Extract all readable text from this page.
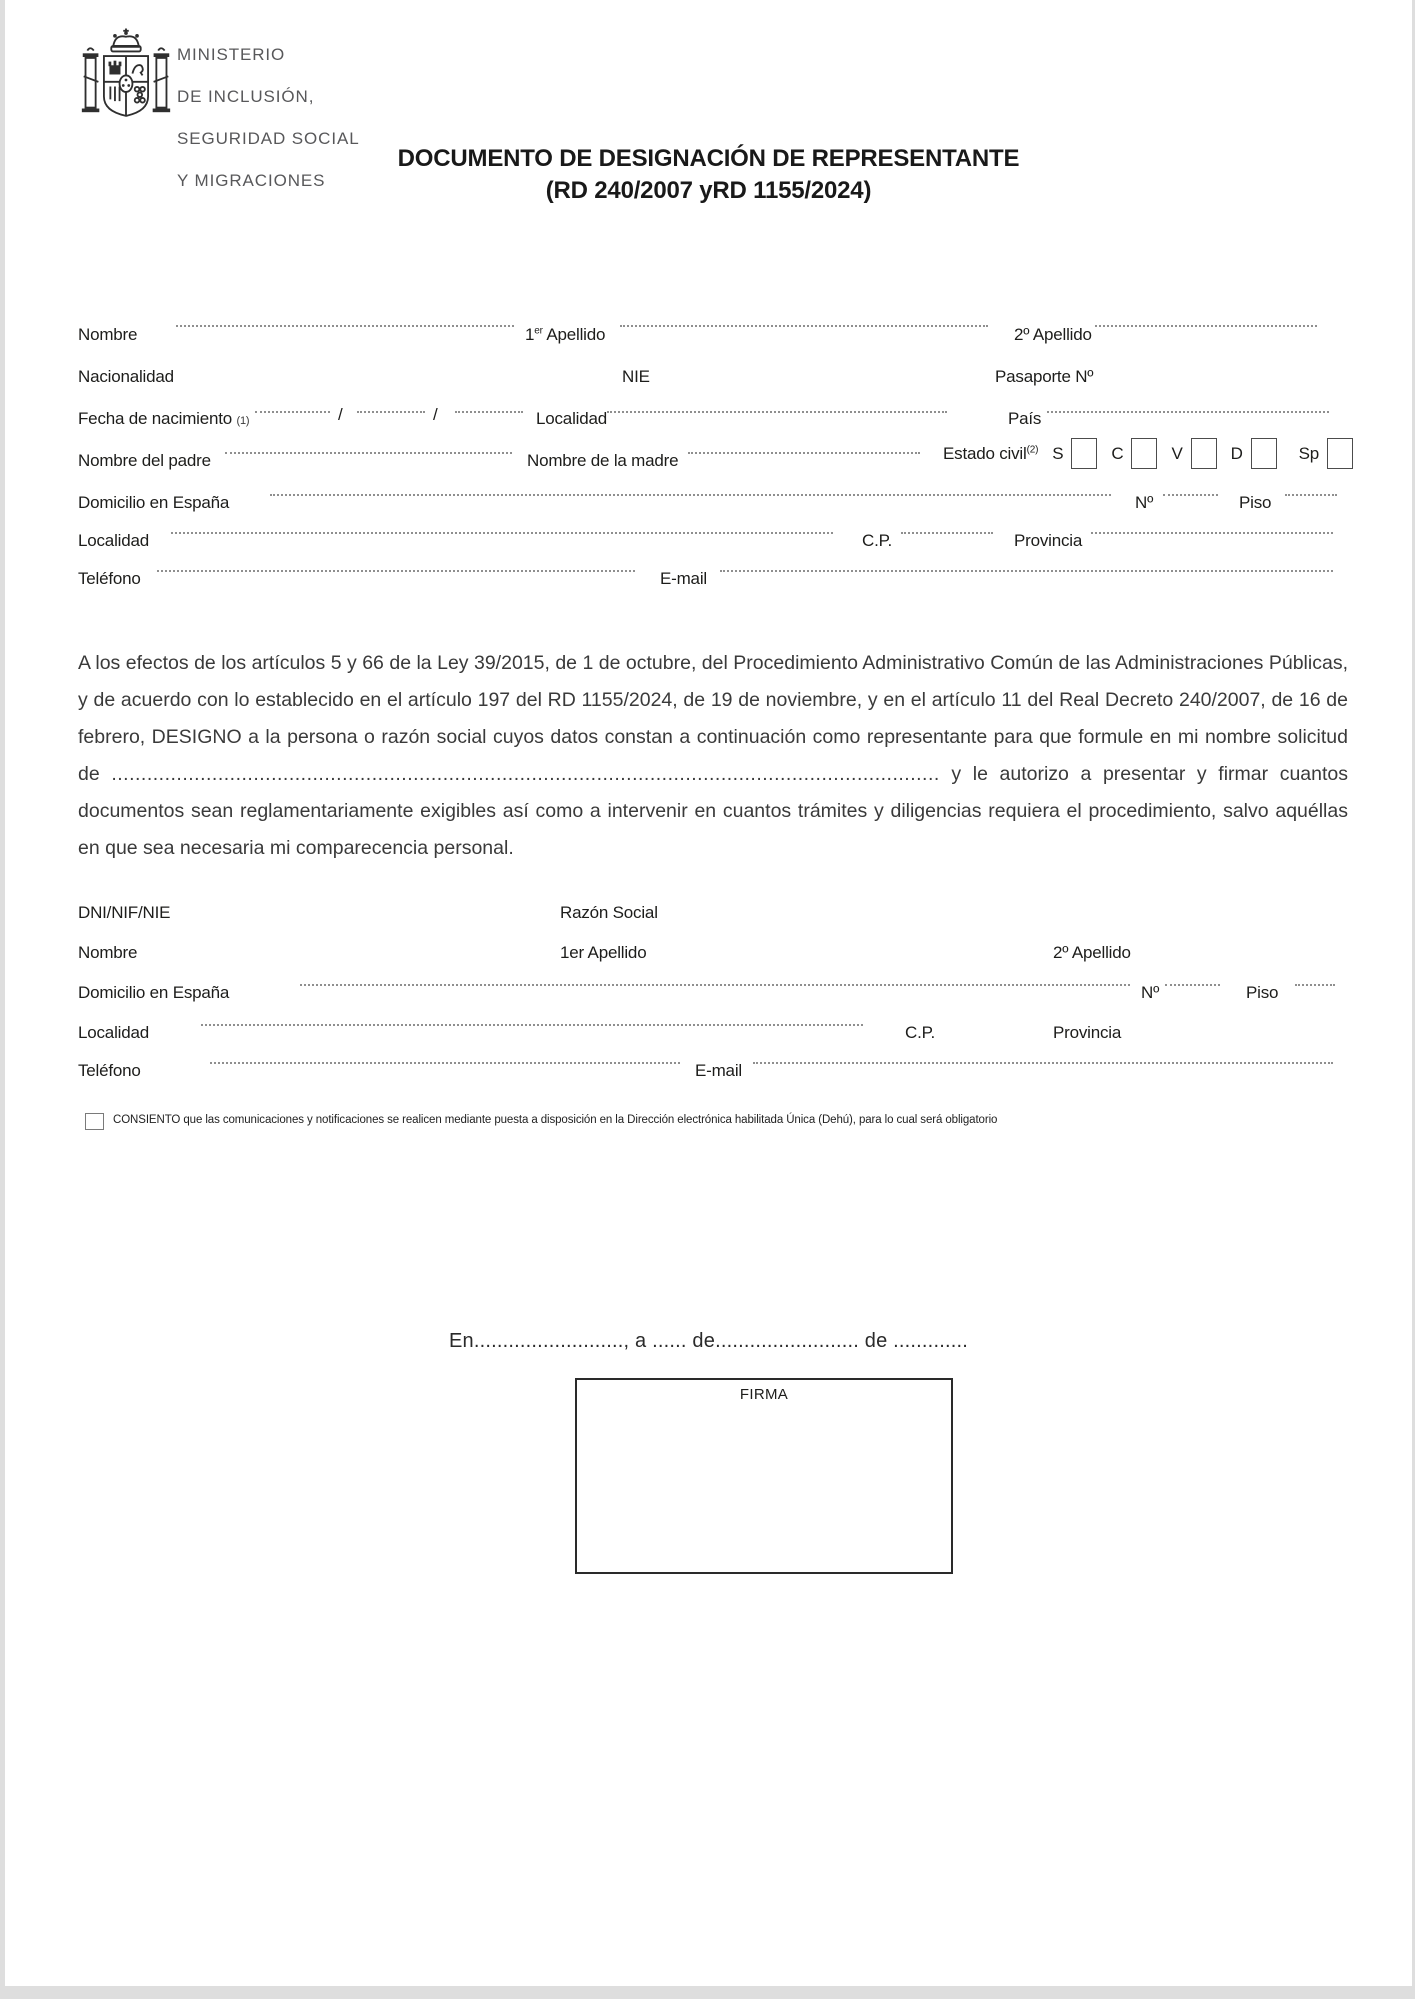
MINISTERIO

DE INCLUSIÓN,

SEGURIDAD SOCIAL

Y MIGRACIONES

DOCUMENTO DE DESIGNACIÓN DE REPRESENTANTE
(RD 240/2007 yRD 1155/2024)
Nombre	1er Apellido	2º Apellido
Nacionalidad	NIE	Pasaporte Nº
Fecha de nacimiento (1)	/	/	Localidad	País
Nombre del padre	Nombre de la madre	Estado civil$^{(2)}$ S	C	V	D	Sp
Domicilio en España	Nº	Piso
Localidad	C.P.	Provincia
Teléfono	E-mail

A los efectos de los artículos 5 y 66 de la Ley 39/2015, de 1 de octubre, del Procedimiento Administrativo Común de las Administraciones Públicas, y de acuerdo con lo establecido en el artículo 197 del RD 1155/2024, de 19 de noviembre, y en el artículo 11 del Real Decreto 240/2007, de 16 de febrero, DESIGNO a la persona o razón social cuyos datos constan a continuación como representante para que formule en mi nombre solicitud de ............................................................................................................................................ y le autorizo a presentar y firmar cuantos documentos sean reglamentariamente exigibles así como a intervenir en cuantos trámites y diligencias requiera el procedimiento, salvo aquéllas en que sea necesaria mi comparecencia personal.

DNI/NIF/NIE	Razón Social
Nombre	1er Apellido	2º Apellido
Domicilio en España	Nº	Piso
Localidad	C.P.	Provincia
Teléfono	E-mail
CONSIENTO que las comunicaciones y notificaciones se realicen mediante puesta a disposición en la Dirección electrónica habilitada Única (Dehú), para lo cual será obligatorio
En.........................., a ...... de......................... de .............
FIRMA
